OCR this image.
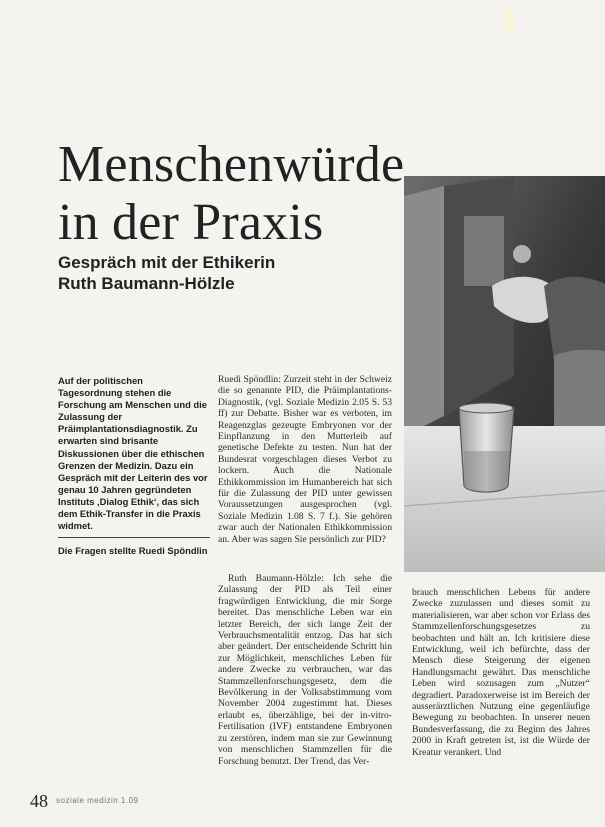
Menschenwürde
in der Praxis
Gespräch mit der Ethikerin
Ruth Baumann-Hölzle
Auf der politischen Tagesordnung stehen die Forschung am Menschen und die Zulassung der Präimplantationsdiagnostik. Zu erwarten sind brisante Diskussionen über die ethischen Grenzen der Medizin. Dazu ein Gespräch mit der Leiterin des vor genau 10 Jahren gegründeten Instituts ‚Dialog Ethik‘, das sich dem Ethik-Transfer in die Praxis widmet.
Die Fragen stellte Ruedi Spöndlin

Ruedi Spöndlin: Zurzeit steht in der Schweiz die so genannte PID, die Präimplantations-Diagnostik, (vgl. Soziale Medizin 2.05 S. 53 ff) zur Debatte. Bisher war es verboten, im Reagenzglas gezeugte Embryonen vor der Einpflanzung in den Mutterleib auf genetische Defekte zu testen. Nun hat der Bundesrat vorgeschlagen dieses Verbot zu lockern. Auch die Nationale Ethikkommission im Humanbereich hat sich für die Zulassung der PID unter gewissen Voraussetzungen ausgesprochen (vgl. Soziale Medizin 1.08 S. 7 f.). Sie gehören zwar auch der Nationalen Ethikkommission an. Aber was sagen Sie persönlich zur PID?

Ruth Baumann-Hölzle: Ich sehe die Zulassung der PID als Teil einer fragwürdigen Entwicklung, die mir Sorge bereitet. Das menschliche Leben war ein letzter Bereich, der sich lange Zeit der Verbrauchsmentalität entzog. Das hat sich aber geändert. Der entscheidende Schritt hin zur Möglichkeit, menschliches Leben für andere Zwecke zu verbrauchen, war das Stammzellenforschungsgesetz, dem die Bevölkerung in der Volksabstimmung vom November 2004 zugestimmt hat. Dieses erlaubt es, überzählige, bei der in-vitro-Fertilisation (IVF) entstandene Embryonen zu zerstören, indem man sie zur Gewinnung von menschlichen Stammzellen für die Forschung benutzt. Der Trend, das Ver-

brauch menschlichen Lebens für andere Zwecke zuzulassen und dieses somit zu materialisieren, war aber schon vor Erlass des Stammzellenforschungsgesetzes zu beobachten und hält an. Ich kritisiere diese Entwicklung, weil ich befürchte, dass der Mensch diese Steigerung der eigenen Handlungsmacht gewährt. Das menschliche Leben wird sozusagen zum „Nutzer“ degradiert. Paradoxerweise ist im Bereich der ausserärztlichen Nutzung eine gegenläufige Bewegung zu beobachten. In unserer neuen Bundesverfassung, die zu Beginn des Jahres 2000 in Kraft getreten ist, ist die Würde der Kreatur verankert. Und

48 soziale medizin 1.09
